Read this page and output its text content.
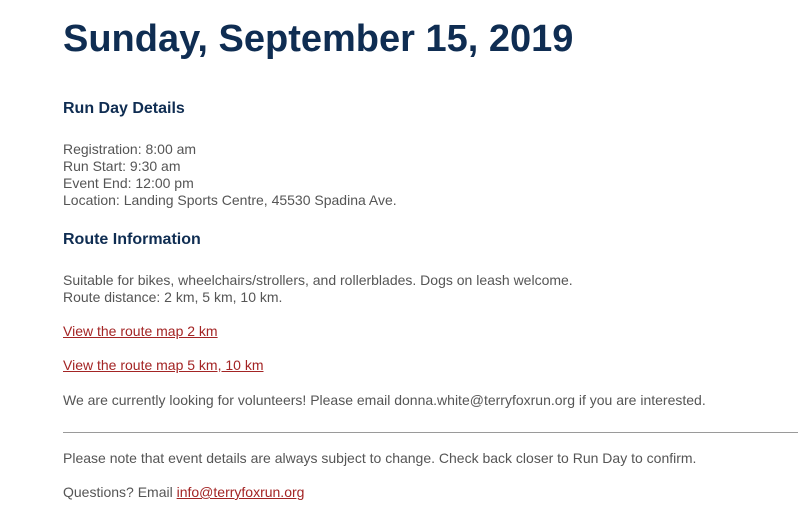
Sunday, September 15, 2019
Run Day Details
Registration: 8:00 am
Run Start: 9:30 am
Event End: 12:00 pm
Location: Landing Sports Centre, 45530 Spadina Ave.
Route Information
Suitable for bikes, wheelchairs/strollers, and rollerblades. Dogs on leash welcome.
Route distance: 2 km, 5 km, 10 km.
View the route map 2 km
View the route map 5 km, 10 km
We are currently looking for volunteers! Please email donna.white@terryfoxrun.org if you are interested.
Please note that event details are always subject to change. Check back closer to Run Day to confirm.
Questions? Email info@terryfoxrun.org
